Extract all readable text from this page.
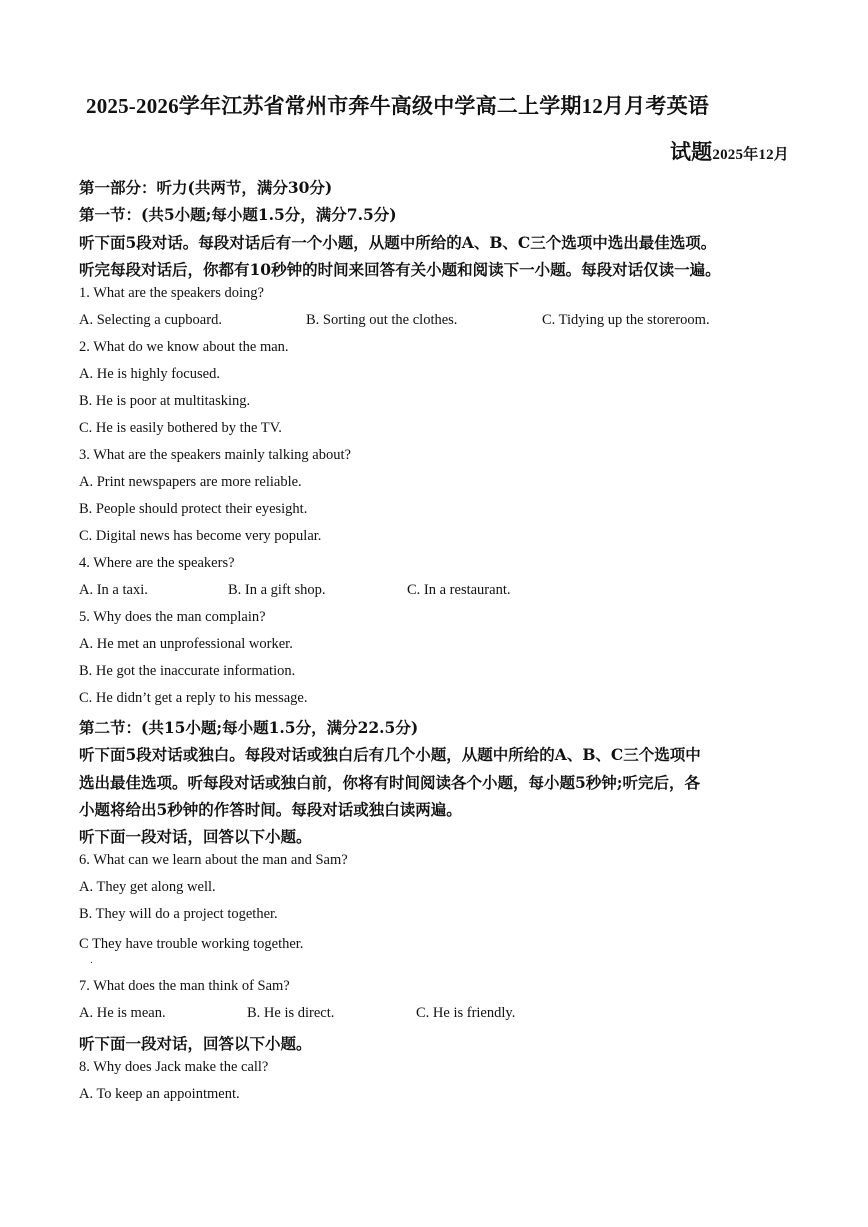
2025-2026学年江苏省常州市奔牛高级中学高二上学期12月月考英语
试题2025年12月
第一部分：听力(共两节，满分30分)
第一节：(共5小题;每小题1.5分，满分7.5分)
听下面5段对话。每段对话后有一个小题，从题中所给的A、B、C三个选项中选出最佳选项。
听完每段对话后，你都有10秒钟的时间来回答有关小题和阅读下一小题。每段对话仅读一遍。
1. What are the speakers doing?
A. Selecting a cupboard.	B. Sorting out the clothes.	C. Tidying up the storeroom.
2. What do we know about the man.
A. He is highly focused.
B. He is poor at multitasking.
C. He is easily bothered by the TV.
3. What are the speakers mainly talking about?
A. Print newspapers are more reliable.
B. People should protect their eyesight.
C. Digital news has become very popular.
4. Where are the speakers?
A. In a taxi.	B. In a gift shop.	C. In a restaurant.
5. Why does the man complain?
A. He met an unprofessional worker.
B. He got the inaccurate information.
C. He didn’t get a reply to his message.
第二节：(共15小题;每小题1.5分，满分22.5分)
听下面5段对话或独白。每段对话或独白后有几个小题，从题中所给的A、B、C三个选项中
选出最佳选项。听每段对话或独白前，你将有时间阅读各个小题，每小题5秒钟;听完后，各
小题将给出5秒钟的作答时间。每段对话或独白读两遍。
听下面一段对话，回答以下小题。
6. What can we learn about the man and Sam?
A. They get along well.
B. They will do a project together.
C They have trouble working together.
.
7. What does the man think of Sam?
A. He is mean.	B. He is direct.	C. He is friendly.
听下面一段对话，回答以下小题。
8. Why does Jack make the call?
A. To keep an appointment.
